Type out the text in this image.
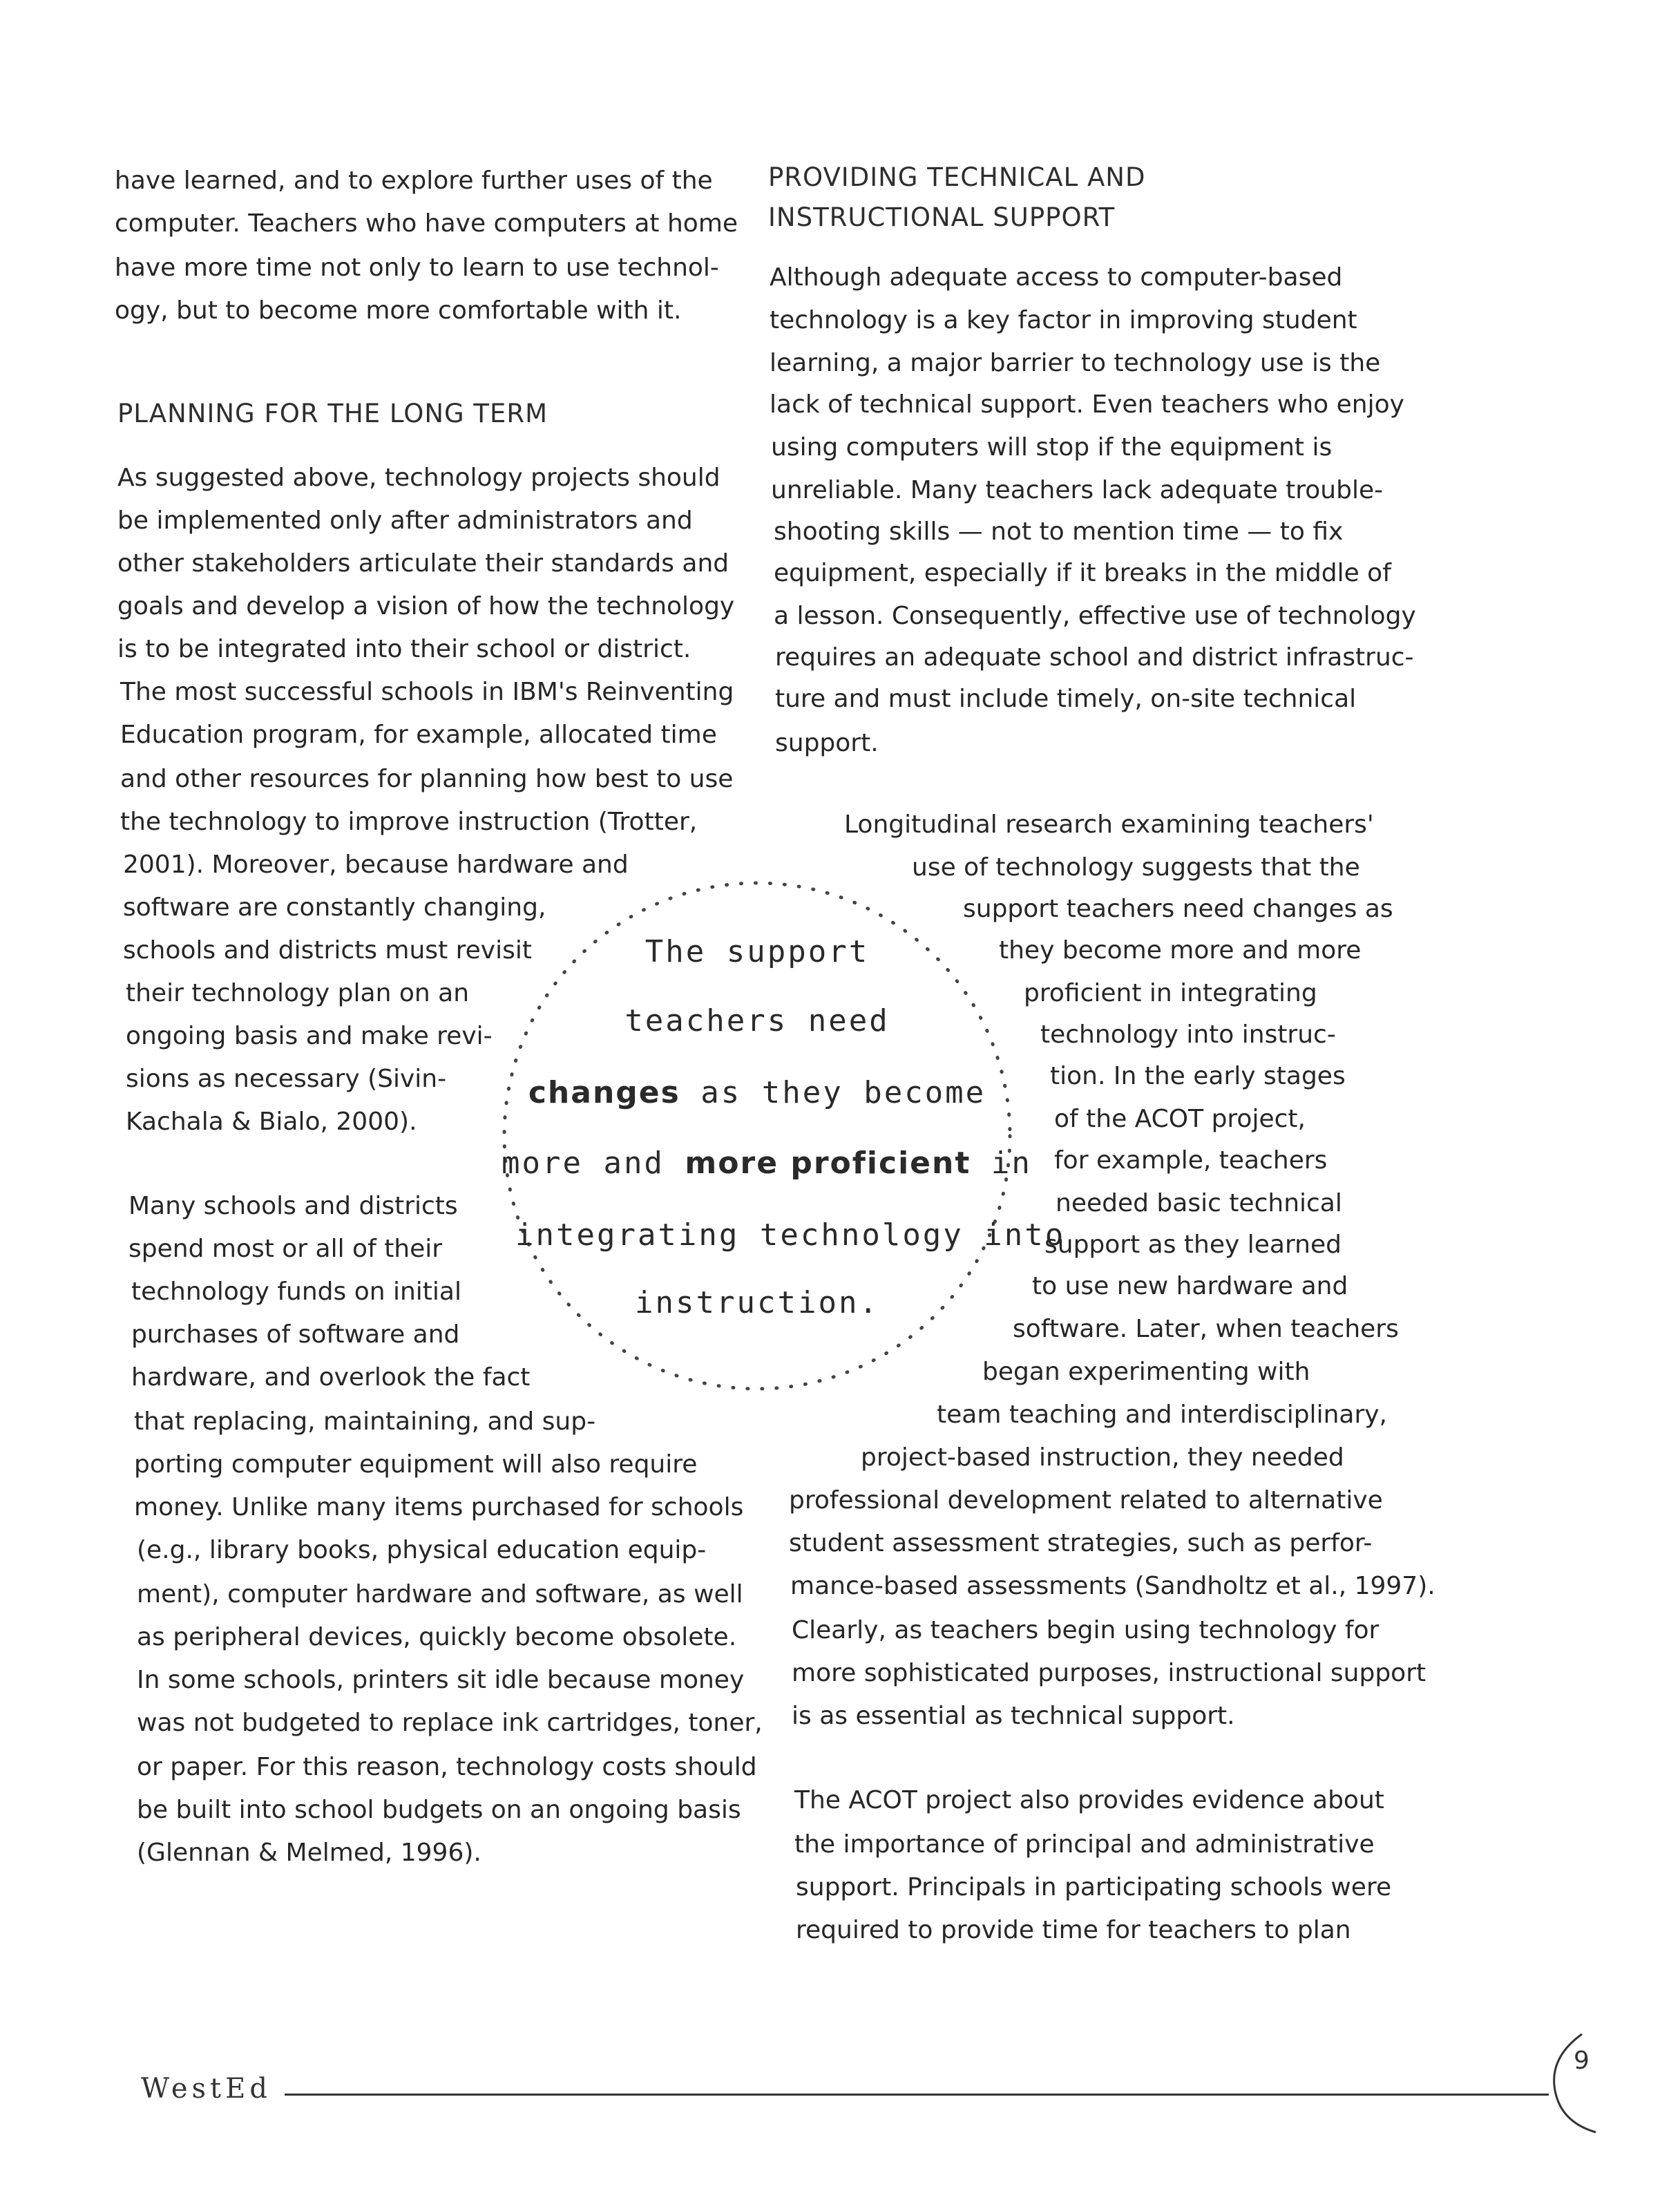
have learned, and to explore further uses of the
computer. Teachers who have computers at home
have more time not only to learn to use technol-
ogy, but to become more comfortable with it.
PLANNING FOR THE LONG TERM
As suggested above, technology projects should
be implemented only after administrators and
other stakeholders articulate their standards and
goals and develop a vision of how the technology
is to be integrated into their school or district.
The most successful schools in IBM's Reinventing
Education program, for example, allocated time
and other resources for planning how best to use
the technology to improve instruction (Trotter,
2001). Moreover, because hardware and
software are constantly changing,
schools and districts must revisit
their technology plan on an
ongoing basis and make revi-
sions as necessary (Sivin-
Kachala & Bialo, 2000).
Many schools and districts
spend most or all of their
technology funds on initial
purchases of software and
hardware, and overlook the fact
that replacing, maintaining, and sup-
porting computer equipment will also require
money. Unlike many items purchased for schools
(e.g., library books, physical education equip-
ment), computer hardware and software, as well
as peripheral devices, quickly become obsolete.
In some schools, printers sit idle because money
was not budgeted to replace ink cartridges, toner,
or paper. For this reason, technology costs should
be built into school budgets on an ongoing basis
(Glennan & Melmed, 1996).
PROVIDING TECHNICAL AND
INSTRUCTIONAL SUPPORT
Although adequate access to computer-based
technology is a key factor in improving student
learning, a major barrier to technology use is the
lack of technical support. Even teachers who enjoy
using computers will stop if the equipment is
unreliable. Many teachers lack adequate trouble-
shooting skills — not to mention time — to fix
equipment, especially if it breaks in the middle of
a lesson. Consequently, effective use of technology
requires an adequate school and district infrastruc-
ture and must include timely, on-site technical
support.
Longitudinal research examining teachers'
use of technology suggests that the
support teachers need changes as
they become more and more
proficient in integrating
technology into instruc-
tion. In the early stages
of the ACOT project,
for example, teachers
needed basic technical
support as they learned
to use new hardware and
software. Later, when teachers
began experimenting with
team teaching and interdisciplinary,
project-based instruction, they needed
professional development related to alternative
student assessment strategies, such as perfor-
mance-based assessments (Sandholtz et al., 1997).
Clearly, as teachers begin using technology for
more sophisticated purposes, instructional support
is as essential as technical support.
The ACOT project also provides evidence about
the importance of principal and administrative
support. Principals in participating schools were
required to provide time for teachers to plan
The support
teachers need
changes as they become
more and more proficient in
integrating technology into
instruction.
WestEd
9
